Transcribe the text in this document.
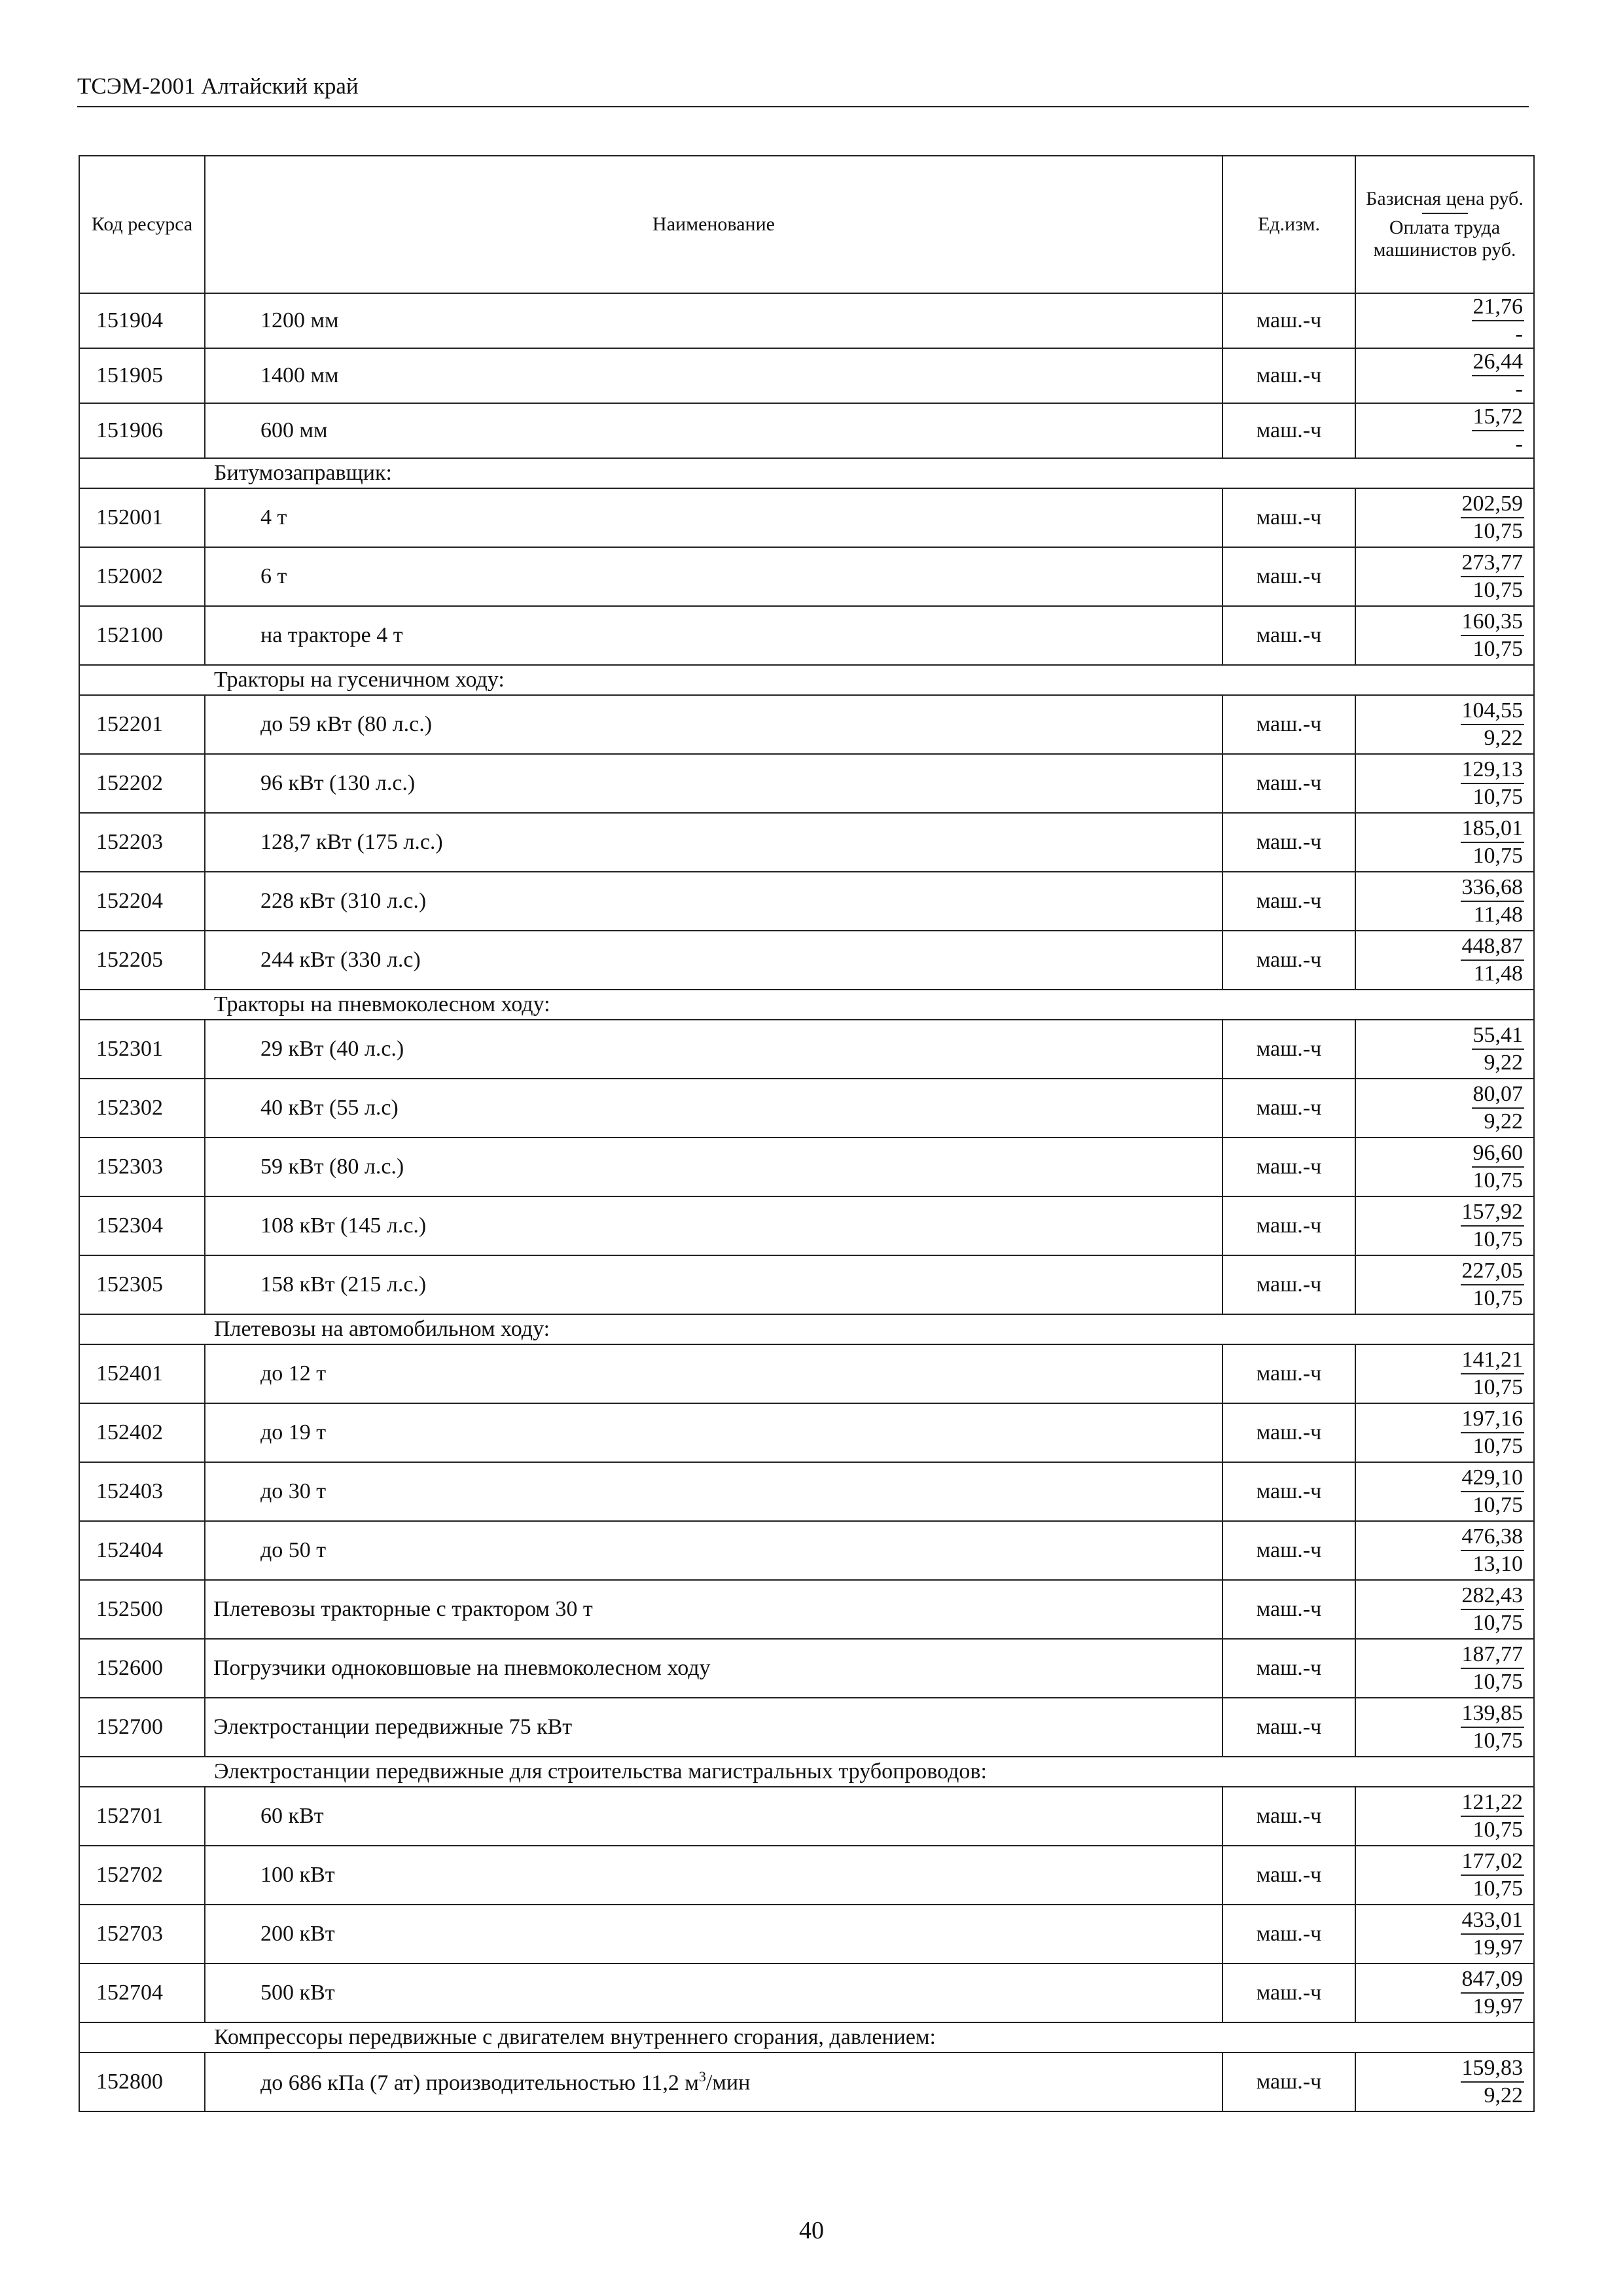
ТСЭМ-2001 Алтайский край
Код ресурса	Наименование	Ед.изм.	Базисная цена руб.
Оплата труда машинистов руб.

151904	1200 мм	маш.-ч	$\frac{21,76}{-}$

151905	1400 мм	маш.-ч	$\frac{26,44}{-}$

151906	600 мм	маш.-ч	$\frac{15,72}{-}$

Битумозаправщик:			
152001	4 т	маш.-ч	$\frac{202,59}{10,75}$

152002	6 т	маш.-ч	$\frac{273,77}{10,75}$

152100	на тракторе 4 т	маш.-ч	$\frac{160,35}{10,75}$

Тракторы на гусеничном ходу:			
152201	до 59 кВт (80 л.с.)	маш.-ч	$\frac{104,55}{9,22}$

152202	96 кВт (130 л.с.)	маш.-ч	$\frac{129,13}{10,75}$

152203	128,7 кВт (175 л.с.)	маш.-ч	$\frac{185,01}{10,75}$

152204	228 кВт (310 л.с.)	маш.-ч	$\frac{336,68}{11,48}$

152205	244 кВт (330 л.с)	маш.-ч	$\frac{448,87}{11,48}$

Тракторы на пневмоколесном ходу:			
152301	29 кВт (40 л.с.)	маш.-ч	$\frac{55,41}{9,22}$

152302	40 кВт (55 л.с)	маш.-ч	$\frac{80,07}{9,22}$

152303	59 кВт (80 л.с.)	маш.-ч	$\frac{96,60}{10,75}$

152304	108 кВт (145 л.с.)	маш.-ч	$\frac{157,92}{10,75}$

152305	158 кВт (215 л.с.)	маш.-ч	$\frac{227,05}{10,75}$

Плетевозы на автомобильном ходу:			
152401	до 12 т	маш.-ч	$\frac{141,21}{10,75}$

152402	до 19 т	маш.-ч	$\frac{197,16}{10,75}$

152403	до 30 т	маш.-ч	$\frac{429,10}{10,75}$

152404	до 50 т	маш.-ч	$\frac{476,38}{13,10}$

152500	Плетевозы тракторные с трактором 30 т	маш.-ч	$\frac{282,43}{10,75}$

152600	Погрузчики одноковшовые на пневмоколесном ходу	маш.-ч	$\frac{187,77}{10,75}$

152700	Электростанции передвижные 75 кВт	маш.-ч	$\frac{139,85}{10,75}$

Электростанции передвижные для строительства магистральных трубопроводов:			
152701	60 кВт	маш.-ч	$\frac{121,22}{10,75}$

152702	100 кВт	маш.-ч	$\frac{177,02}{10,75}$

152703	200 кВт	маш.-ч	$\frac{433,01}{19,97}$

152704	500 кВт	маш.-ч	$\frac{847,09}{19,97}$

Компрессоры передвижные с двигателем внутреннего сгорания, давлением:			
152800	до 686 кПа (7 ат) производительностью 11,2 $м^3$/мин	маш.-ч	$\frac{159,83}{9,22}$
40
